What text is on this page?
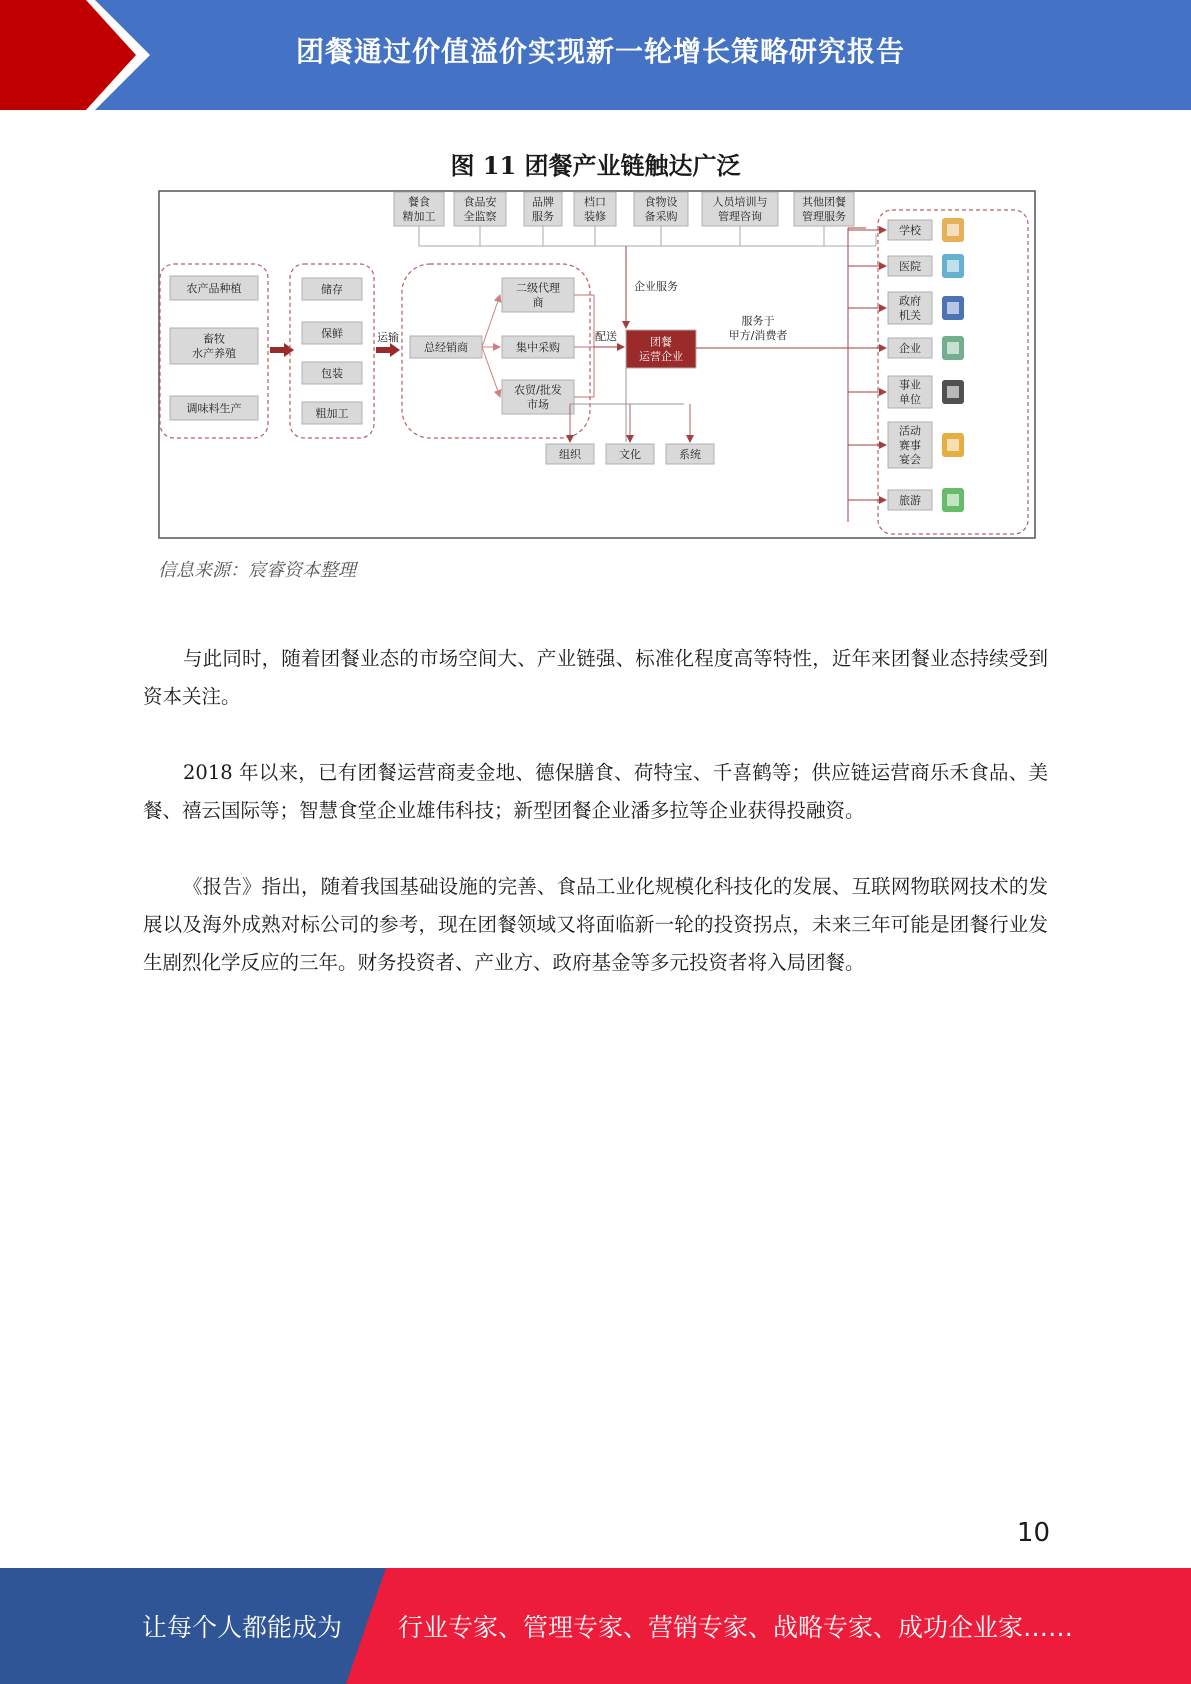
团餐通过价值溢价实现新一轮增长策略研究报告
图 11 团餐产业链触达广泛
农产品种植
畜牧水产养殖
调味料生产
储存
保鲜
包装
粗加工
运输
总经销商
二级代理商
集中采购
农贸/批发市场
配送
餐食精加工
食品安全监察
品牌服务
档口装修
食物设备采购
人员培训与管理咨询
其他团餐管理服务
企业服务
团餐运营企业
服务于甲方/消费者
组织	文化	系统
学校
医院
政府机关
企业
事业单位
活动赛事宴会
旅游
信息来源：宸睿资本整理
与此同时，随着团餐业态的市场空间大、产业链强、标准化程度高等特性，近年来团餐业态持续受到资本关注。
2018 年以来，已有团餐运营商麦金地、德保膳食、荷特宝、千喜鹤等；供应链运营商乐禾食品、美餐、禧云国际等；智慧食堂企业雄伟科技；新型团餐企业潘多拉等企业获得投融资。
《报告》指出，随着我国基础设施的完善、食品工业化规模化科技化的发展、互联网物联网技术的发展以及海外成熟对标公司的参考，现在团餐领域又将面临新一轮的投资拐点，未来三年可能是团餐行业发生剧烈化学反应的三年。财务投资者、产业方、政府基金等多元投资者将入局团餐。
10
让每个人都能成为 行业专家、管理专家、营销专家、战略专家、成功企业家……
